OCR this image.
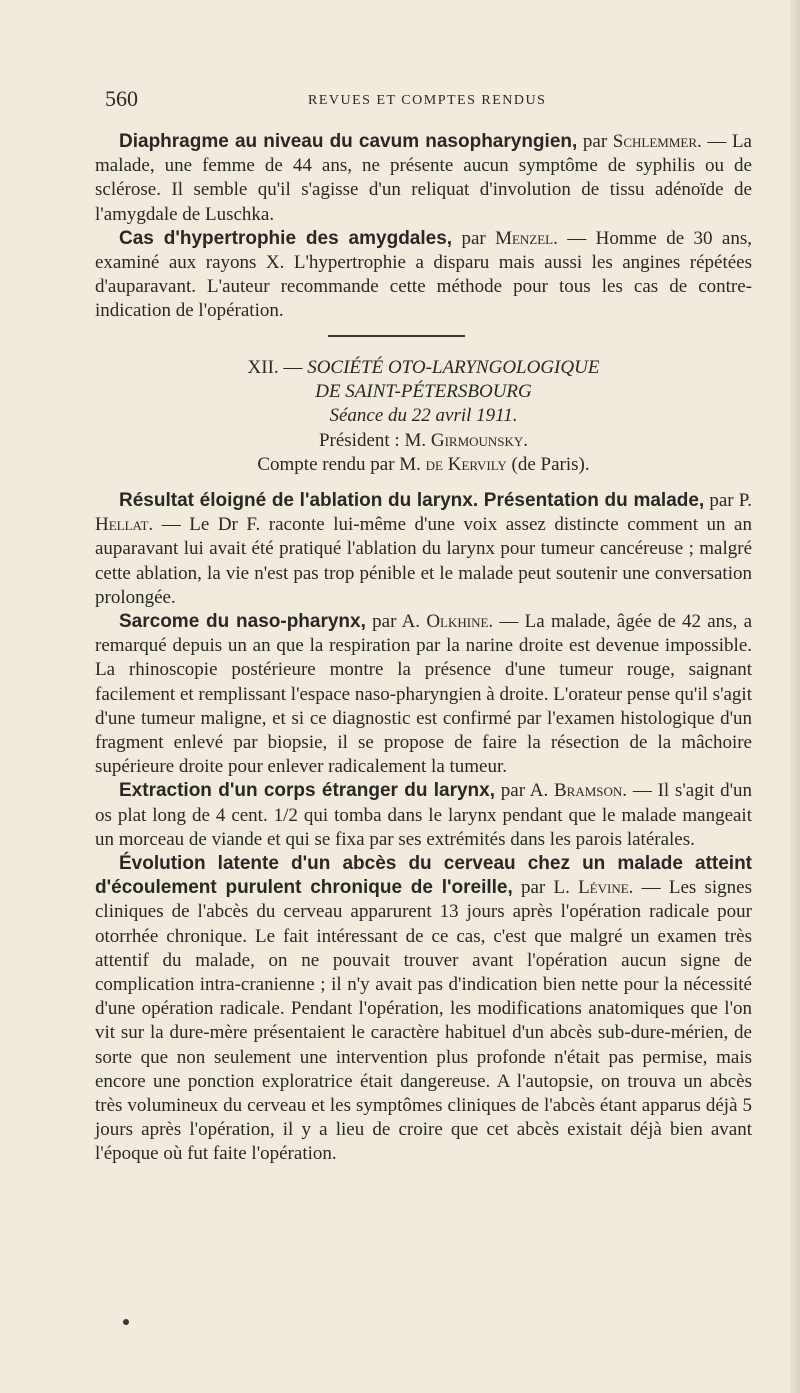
560	REVUES ET COMPTES RENDUS

Diaphragme au niveau du cavum nasopharyngien, par Schlemmer. — La malade, une femme de 44 ans, ne présente aucun symptôme de syphilis ou de sclérose. Il semble qu'il s'agisse d'un reliquat d'involution de tissu adénoïde de l'amygdale de Luschka.

Cas d'hypertrophie des amygdales, par Menzel. — Homme de 30 ans, examiné aux rayons X. L'hypertrophie a disparu mais aussi les angines répétées d'auparavant. L'auteur recommande cette méthode pour tous les cas de contre-indication de l'opération.

XII. — SOCIÉTÉ OTO-LARYNGOLOGIQUE
DE SAINT-PÉTERSBOURG
Séance du 22 avril 1911.
Président : M. Girmounsky.
Compte rendu par M. de Kervily (de Paris).

Résultat éloigné de l'ablation du larynx. Présentation du malade, par P. Hellat. — Le Dr F. raconte lui-même d'une voix assez distincte comment un an auparavant lui avait été pratiqué l'ablation du larynx pour tumeur cancéreuse ; malgré cette ablation, la vie n'est pas trop pénible et le malade peut soutenir une conversation prolongée.

Sarcome du naso-pharynx, par A. Olkhine. — La malade, âgée de 42 ans, a remarqué depuis un an que la respiration par la narine droite est devenue impossible. La rhinoscopie postérieure montre la présence d'une tumeur rouge, saignant facilement et remplissant l'espace naso-pharyngien à droite. L'orateur pense qu'il s'agit d'une tumeur maligne, et si ce diagnostic est confirmé par l'examen histologique d'un fragment enlevé par biopsie, il se propose de faire la résection de la mâchoire supérieure droite pour enlever radicalement la tumeur.

Extraction d'un corps étranger du larynx, par A. Bramson. — Il s'agit d'un os plat long de 4 cent. 1/2 qui tomba dans le larynx pendant que le malade mangeait un morceau de viande et qui se fixa par ses extrémités dans les parois latérales.

Évolution latente d'un abcès du cerveau chez un malade atteint d'écoulement purulent chronique de l'oreille, par L. Lévine. — Les signes cliniques de l'abcès du cerveau apparurent 13 jours après l'opération radicale pour otorrhée chronique. Le fait intéressant de ce cas, c'est que malgré un examen très attentif du malade, on ne pouvait trouver avant l'opération aucun signe de complication intra-cranienne ; il n'y avait pas d'indication bien nette pour la nécessité d'une opération radicale. Pendant l'opération, les modifications anatomiques que l'on vit sur la dure-mère présentaient le caractère habituel d'un abcès sub-dure-mérien, de sorte que non seulement une intervention plus profonde n'était pas permise, mais encore une ponction exploratrice était dangereuse. A l'autopsie, on trouva un abcès très volumineux du cerveau et les symptômes cliniques de l'abcès étant apparus déjà 5 jours après l'opération, il y a lieu de croire que cet abcès existait déjà bien avant l'époque où fut faite l'opération.
